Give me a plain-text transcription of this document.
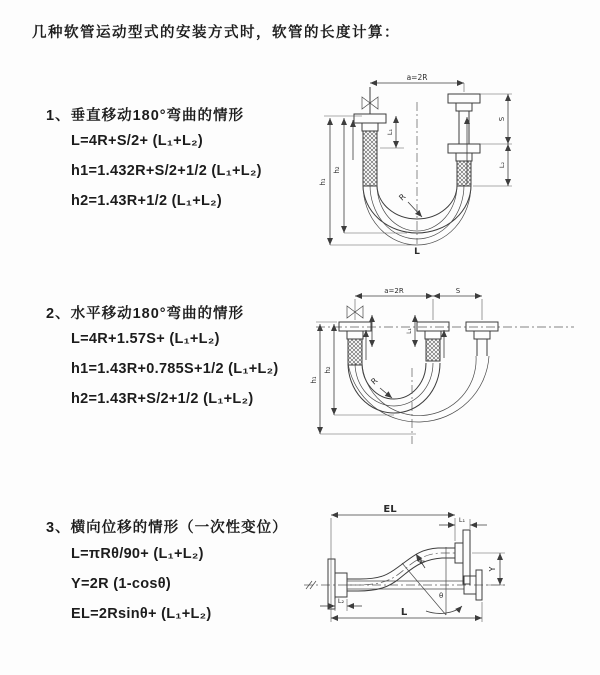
几种软管运动型式的安装方式时，软管的长度计算：
1、垂直移动180°弯曲的情形
L=4R+S/2+ (L₁+L₂)
h1=1.432R+S/2+1/2 (L₁+L₂)
h2=1.43R+1/2 (L₁+L₂)
2、水平移动180°弯曲的情形
L=4R+1.57S+ (L₁+L₂)
h1=1.43R+0.785S+1/2 (L₁+L₂)
h2=1.43R+S/2+1/2 (L₁+L₂)
3、横向位移的情形（一次性变位）
L=πRθ/90+ (L₁+L₂)
Y=2R (1-cosθ)
EL=2Rsinθ+ (L₁+L₂)
a=2R
R
L
h₁
h₂
L₁
S
L₂
a=2R	S
h₁
h₂
L₁
R
EL
L₁
Y
θ
R
L₂
L
